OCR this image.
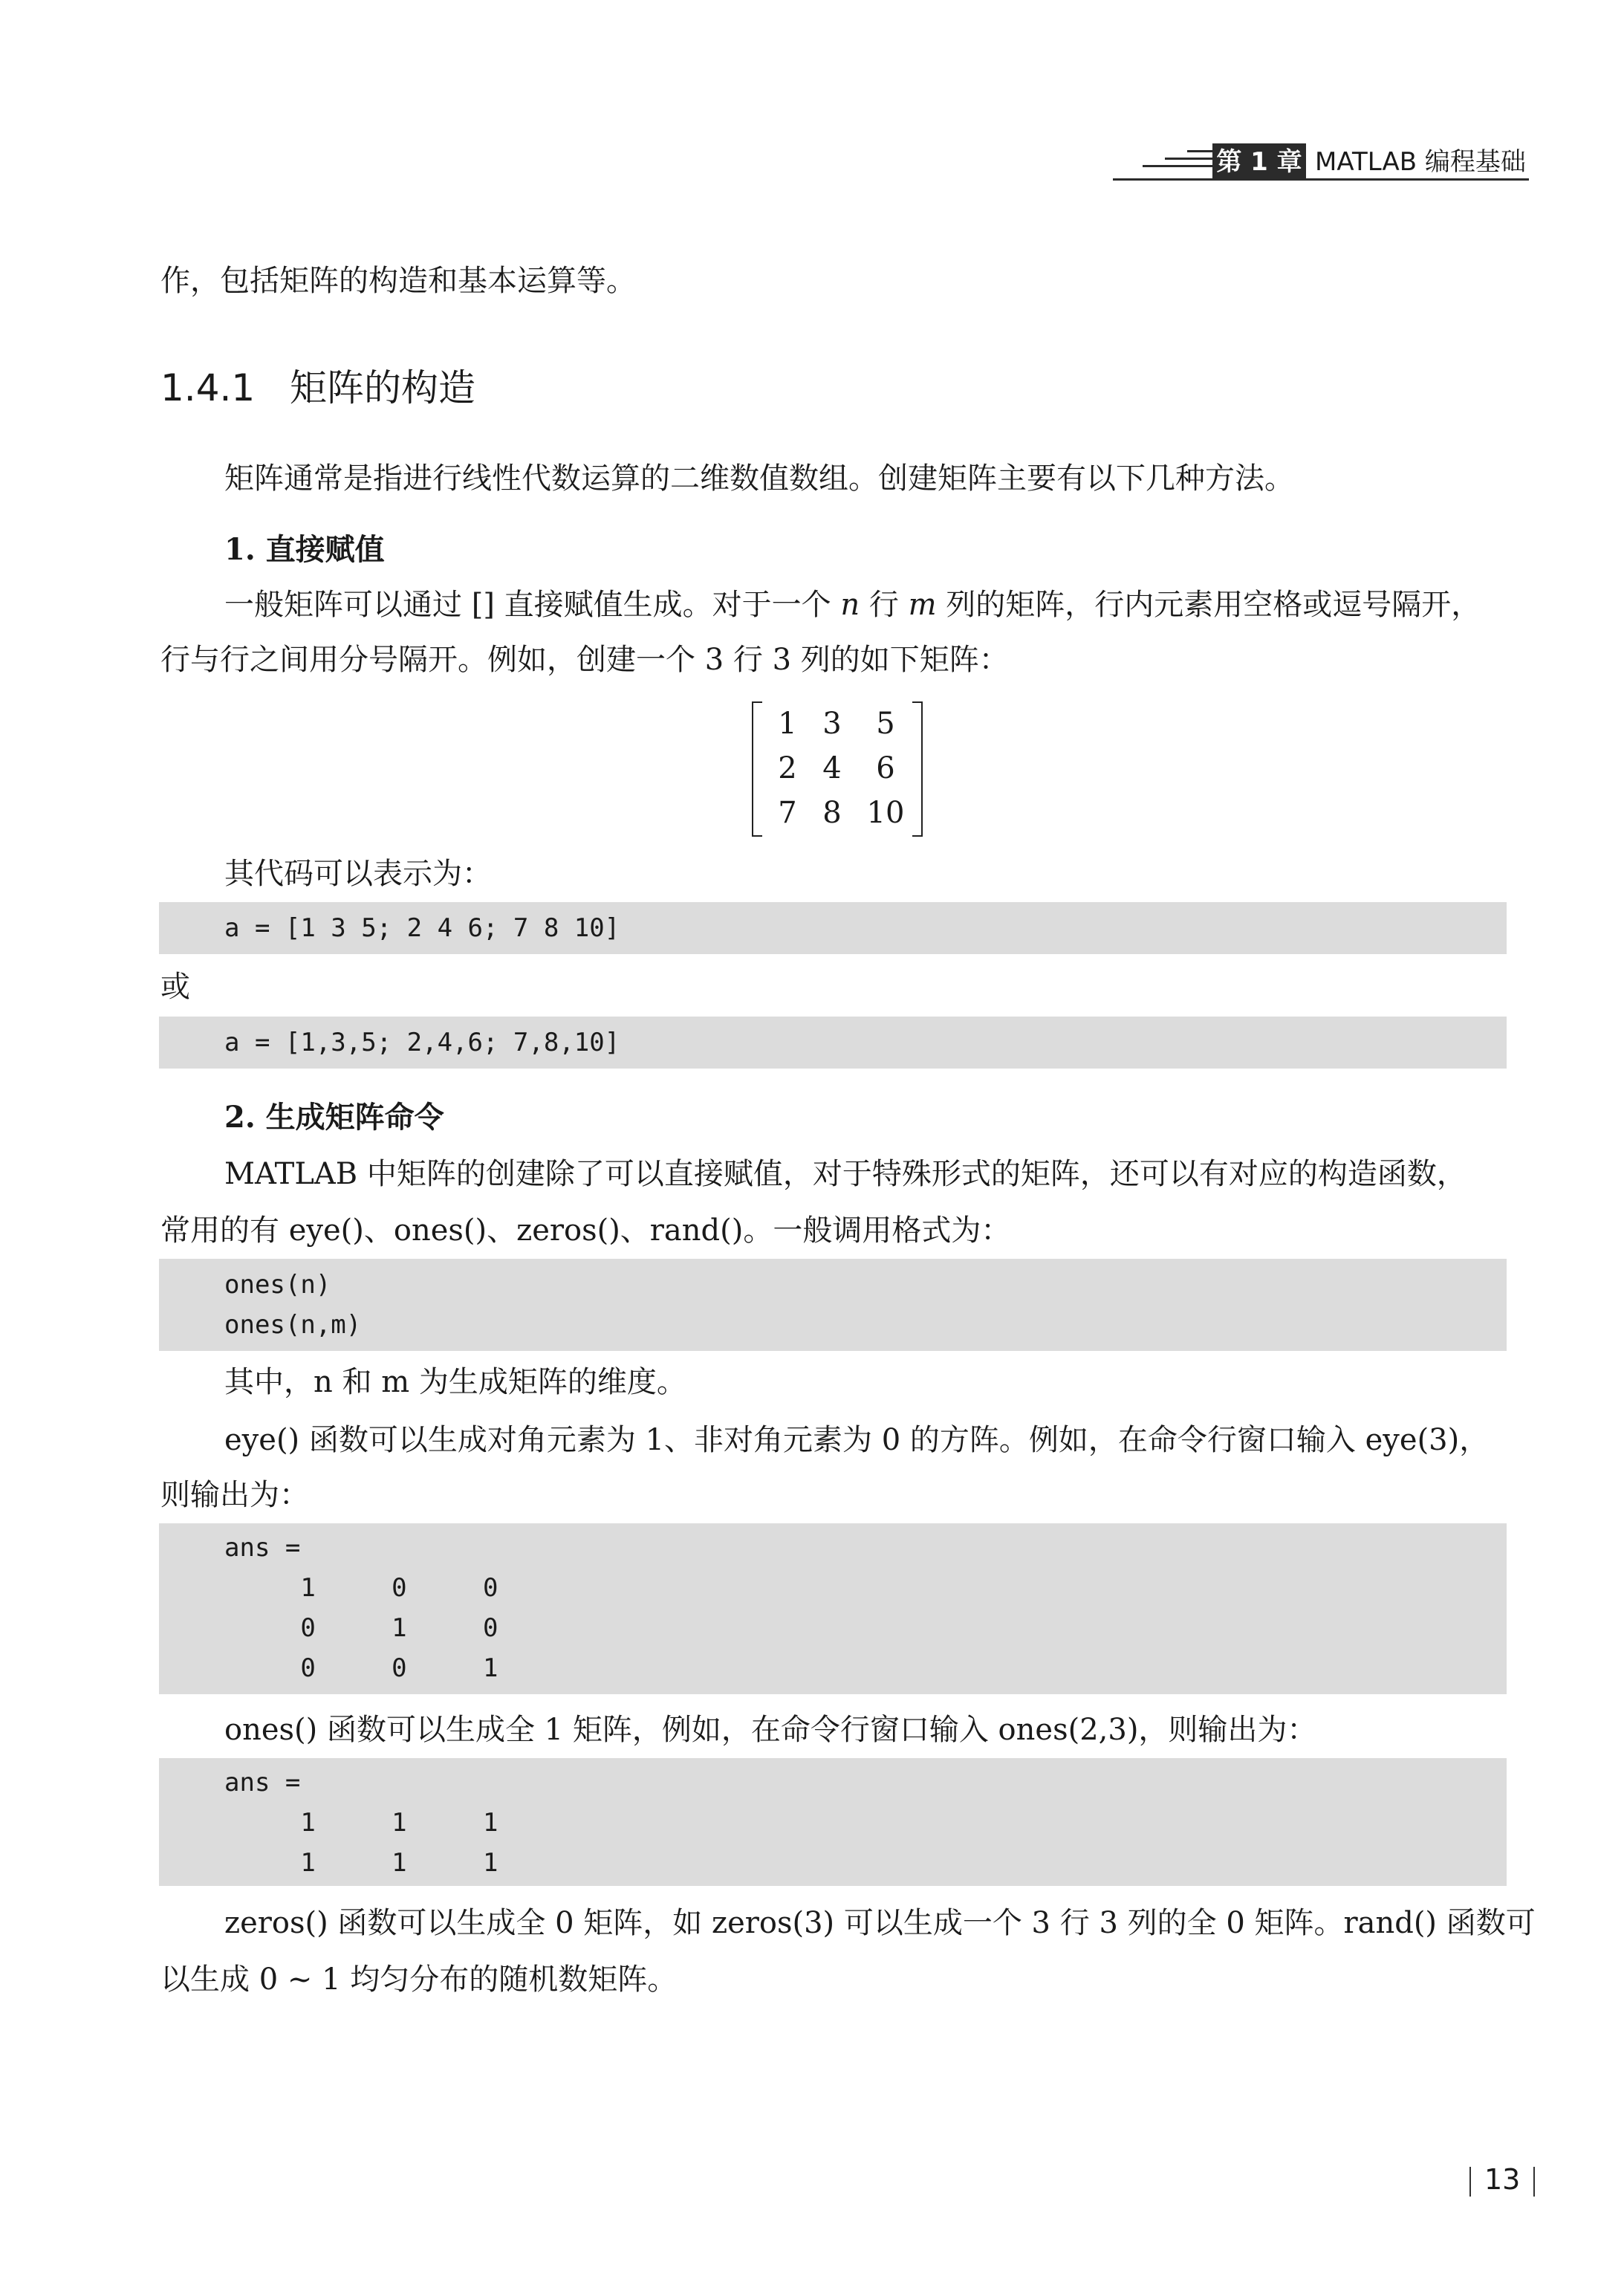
第 1 章 MATLAB 编程基础

作，包括矩阵的构造和基本运算等。

1.4.1 矩阵的构造

矩阵通常是指进行线性代数运算的二维数值数组。创建矩阵主要有以下几种方法。

1. 直接赋值

一般矩阵可以通过 [] 直接赋值生成。对于一个 n 行 m 列的矩阵，行内元素用空格或逗号隔开，

行与行之间用分号隔开。例如，创建一个 3 行 3 列的如下矩阵：

1 3	5
2 4	6
7 8 10

其代码可以表示为：

a = [1 3 5; 2 4 6; 7 8 10]

或

a = [1,3,5; 2,4,6; 7,8,10]
2. 生成矩阵命令

MATLAB 中矩阵的创建除了可以直接赋值，对于特殊形式的矩阵，还可以有对应的构造函数，

常用的有 eye()、ones()、zeros()、rand()。一般调用格式为：

ones(n)
ones(n,m)

其中，n 和 m 为生成矩阵的维度。

eye() 函数可以生成对角元素为 1、非对角元素为 0 的方阵。例如，在命令行窗口输入 eye(3)，

则输出为：

ans =
1     0     0
0     1     0
0     0     1

ones() 函数可以生成全 1 矩阵，例如，在命令行窗口输入 ones(2,3)，则输出为：

ans =
1     1     1
1     1     1

zeros() 函数可以生成全 0 矩阵，如 zeros(3) 可以生成一个 3 行 3 列的全 0 矩阵。rand() 函数可

以生成 0 ~ 1 均匀分布的随机数矩阵。

13
